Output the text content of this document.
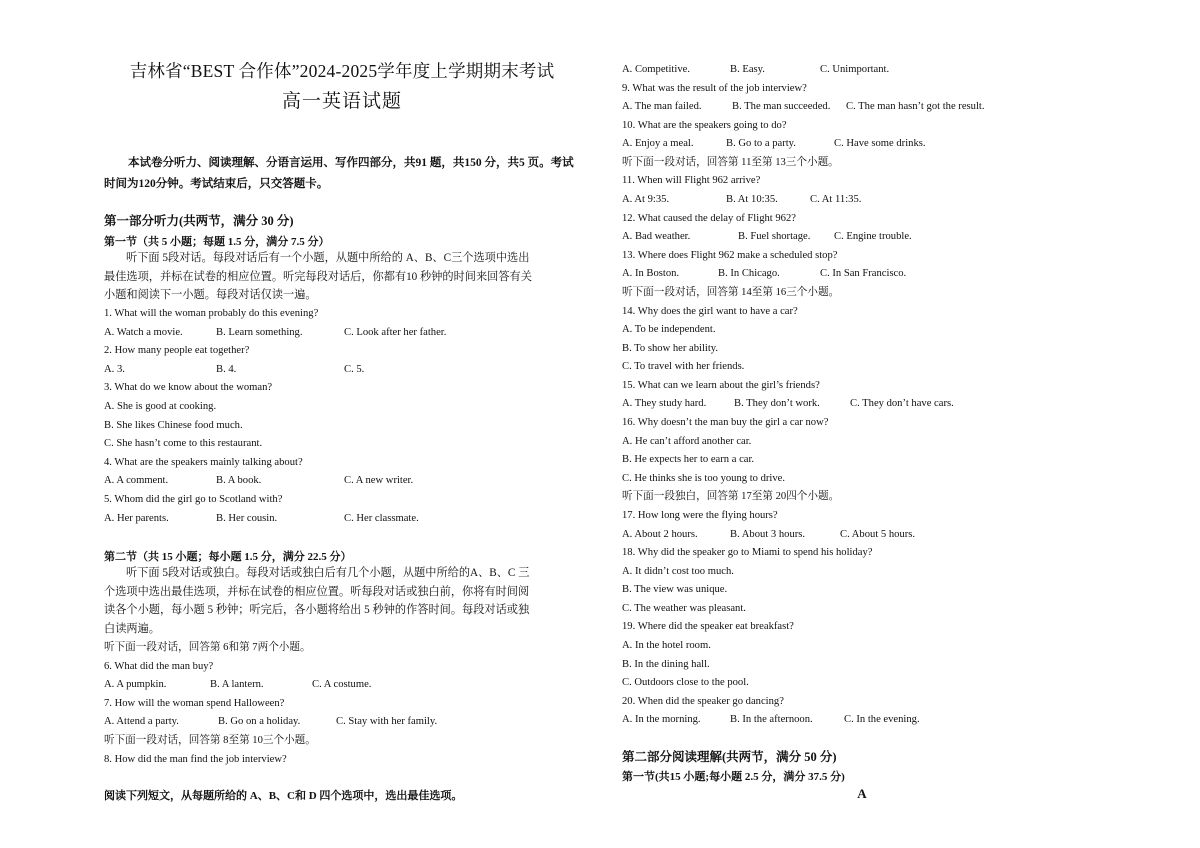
吉林省“BEST 合作体”2024-2025学年度上学期期末考试
高一英语试题
本试卷分听力、阅读理解、分语言运用、写作四部分，共91 题，共150 分，共5 页。考试时间为120分钟。考试结束后，只交答题卡。
第一部分听力(共两节，满分 30 分)
第一节（共 5 小题；每题 1.5 分，满分 7.5 分）
听下面 5段对话。每段对话后有一个小题，从题中所给的 A、B、C三个选项中选出
最佳选项，并标在试卷的相应位置。听完每段对话后，你都有10 秒钟的时间来回答有关
小题和阅读下一小题。每段对话仅读一遍。
1. What will the woman probably do this evening?
A. Watch a movie.	B. Learn something.	C. Look after her father.
2. How many people eat together?
A. 3.	B. 4.	C. 5.
3. What do we know about the woman?
A. She is good at cooking.
B. She likes Chinese food much.
C. She hasn’t come to this restaurant.
4. What are the speakers mainly talking about?
A. A comment.	B. A book.	C. A new writer.
5. Whom did the girl go to Scotland with?
A. Her parents.	B. Her cousin.	C. Her classmate.
第二节（共 15 小题；每小题 1.5 分，满分 22.5 分）
听下面 5段对话或独白。每段对话或独白后有几个小题，从题中所给的A、B、C 三
个选项中选出最佳选项，并标在试卷的相应位置。听每段对话或独白前，你将有时间阅
读各个小题，每小题 5 秒钟；听完后，各小题将给出 5 秒钟的作答时间。每段对话或独
白读两遍。
听下面一段对话，回答第 6和第 7两个小题。
6. What did the man buy?
A. A pumpkin.	B. A lantern.	C. A costume.
7. How will the woman spend Halloween?
A. Attend a party.	B. Go on a holiday.	C. Stay with her family.
听下面一段对话，回答第 8至第 10三个小题。
8. How did the man find the job interview?
阅读下列短文，从每题所给的 A、B、C和 D 四个选项中，选出最佳选项。
A. Competitive.	B. Easy.	C. Unimportant.
9. What was the result of the job interview?
A. The man failed.	B. The man succeeded. C. The man hasn’t got the result.
10. What are the speakers going to do?
A. Enjoy a meal.	B. Go to a party.	C. Have some drinks.
听下面一段对话，回答第 11至第 13三个小题。
11. When will Flight 962 arrive?
A. At 9:35.	B. At 10:35.	C. At 11:35.
12. What caused the delay of Flight 962?
A. Bad weather.	B. Fuel shortage. C. Engine trouble.
13. Where does Flight 962 make a scheduled stop?
A. In Boston.	B. In Chicago.	C. In San Francisco.
听下面一段对话，回答第 14至第 16三个小题。
14. Why does the girl want to have a car?
A. To be independent.
B. To show her ability.
C. To travel with her friends.
15. What can we learn about the girl’s friends?
A. They study hard.	B. They don’t work.	C. They don’t have cars.
16. Why doesn’t the man buy the girl a car now?
A. He can’t afford another car.
B. He expects her to earn a car.
C. He thinks she is too young to drive.
听下面一段独白，回答第 17至第 20四个小题。
17. How long were the flying hours?
A. About 2 hours.	B. About 3 hours.	C. About 5 hours.
18. Why did the speaker go to Miami to spend his holiday?
A. It didn’t cost too much.
B. The view was unique.
C. The weather was pleasant.
19. Where did the speaker eat breakfast?
A. In the hotel room.
B. In the dining hall.
C. Outdoors close to the pool.
20. When did the speaker go dancing?
A. In the morning.	B. In the afternoon.	C. In the evening.
第二部分阅读理解(共两节，满分 50 分)
第一节(共15 小题;每小题 2.5 分，满分 37.5 分)
A
